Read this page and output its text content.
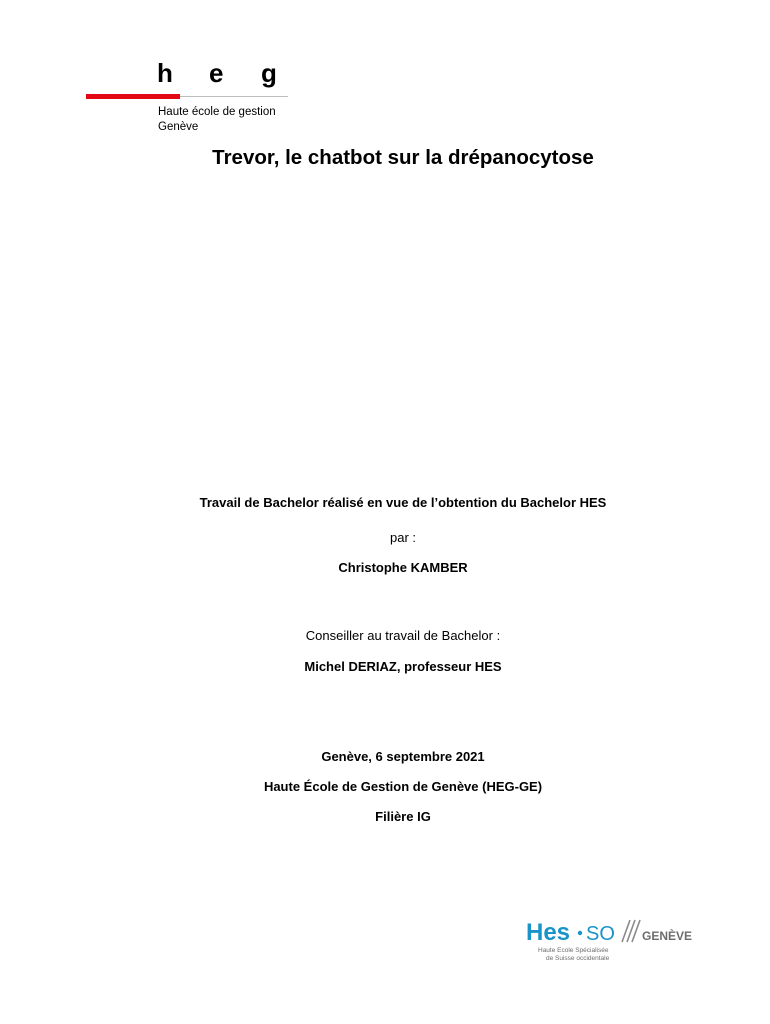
h e g
Haute école de gestion
Genève
Trevor, le chatbot sur la drépanocytose
Travail de Bachelor réalisé en vue de l’obtention du Bachelor HES
par :
Christophe KAMBER
Conseiller au travail de Bachelor :
Michel DERIAZ, professeur HES
Genève, 6 septembre 2021
Haute École de Gestion de Genève (HEG-GE)
Filière IG
Hes SO GENÈVE
Haute Ecole Spécialisée
de Suisse occidentale
